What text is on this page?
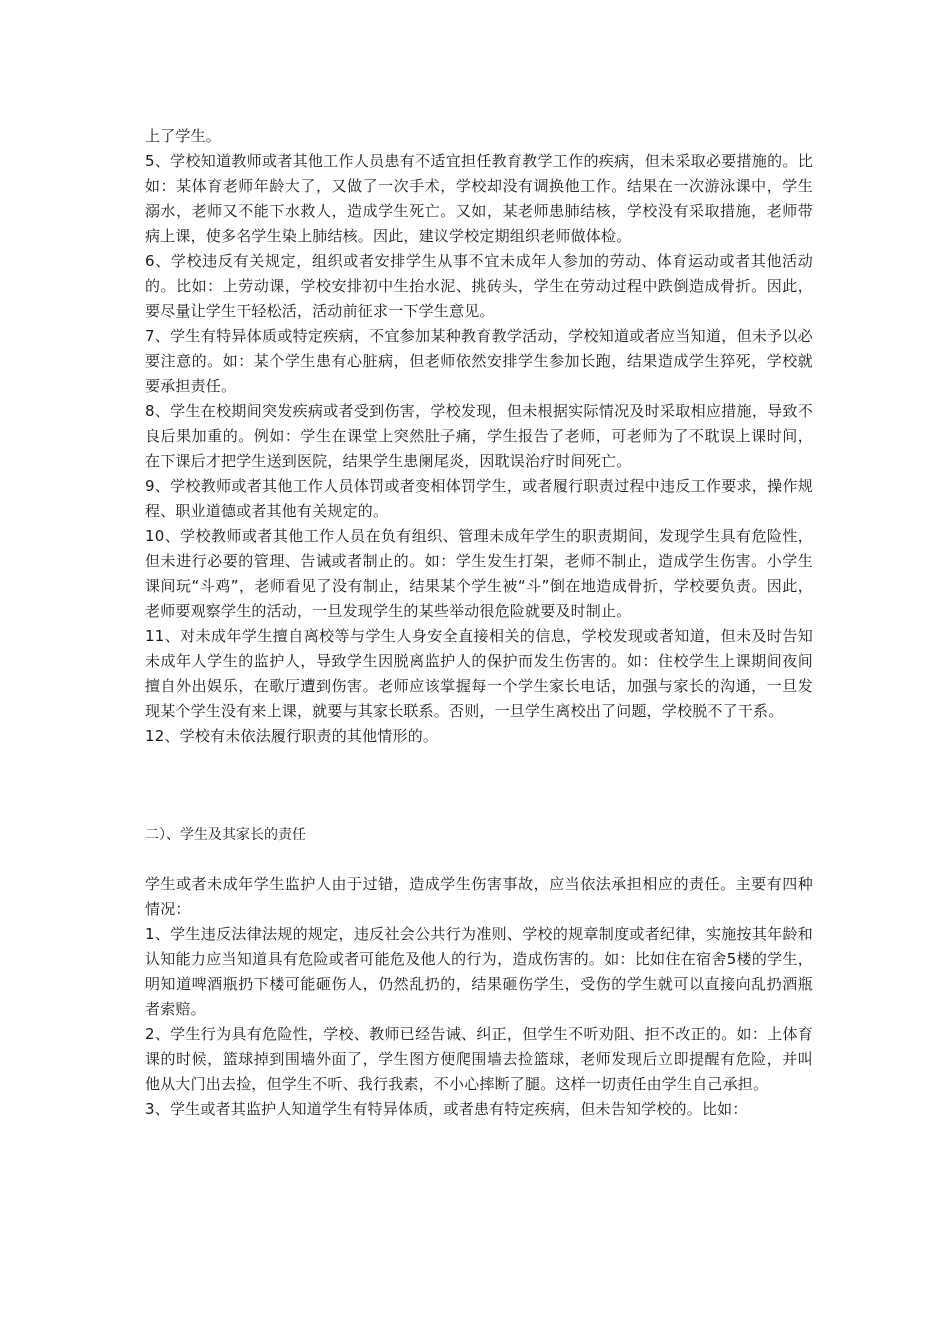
上了学生。

5、学校知道教师或者其他工作人员患有不适宜担任教育教学工作的疾病，但未采取必要措施的。比如：某体育老师年龄大了，又做了一次手术，学校却没有调换他工作。结果在一次游泳课中，学生溺水，老师又不能下水救人，造成学生死亡。又如，某老师患肺结核，学校没有采取措施，老师带病上课，使多名学生染上肺结核。因此，建议学校定期组织老师做体检。

6、学校违反有关规定，组织或者安排学生从事不宜未成年人参加的劳动、体育运动或者其他活动的。比如：上劳动课，学校安排初中生抬水泥、挑砖头，学生在劳动过程中跌倒造成骨折。因此，要尽量让学生干轻松活，活动前征求一下学生意见。

7、学生有特异体质或特定疾病，不宜参加某种教育教学活动，学校知道或者应当知道，但未予以必要注意的。如：某个学生患有心脏病，但老师依然安排学生参加长跑，结果造成学生猝死，学校就要承担责任。

8、学生在校期间突发疾病或者受到伤害，学校发现，但未根据实际情况及时采取相应措施，导致不良后果加重的。例如：学生在课堂上突然肚子痛，学生报告了老师，可老师为了不耽误上课时间，在下课后才把学生送到医院，结果学生患阑尾炎，因耽误治疗时间死亡。

9、学校教师或者其他工作人员体罚或者变相体罚学生，或者履行职责过程中违反工作要求，操作规程、职业道德或者其他有关规定的。

10、学校教师或者其他工作人员在负有组织、管理未成年学生的职责期间，发现学生具有危险性，但未进行必要的管理、告诫或者制止的。如：学生发生打架，老师不制止，造成学生伤害。小学生课间玩“斗鸡”，老师看见了没有制止，结果某个学生被“斗”倒在地造成骨折，学校要负责。因此，老师要观察学生的活动，一旦发现学生的某些举动很危险就要及时制止。

11、对未成年学生擅自离校等与学生人身安全直接相关的信息，学校发现或者知道，但未及时告知未成年人学生的监护人，导致学生因脱离监护人的保护而发生伤害的。如：住校学生上课期间夜间擅自外出娱乐，在歌厅遭到伤害。老师应该掌握每一个学生家长电话，加强与家长的沟通，一旦发现某个学生没有来上课，就要与其家长联系。否则，一旦学生离校出了问题，学校脱不了干系。

12、学校有未依法履行职责的其他情形的。

二）、学生及其家长的责任

学生或者未成年学生监护人由于过错，造成学生伤害事故，应当依法承担相应的责任。主要有四种情况：

1、学生违反法律法规的规定，违反社会公共行为准则、学校的规章制度或者纪律，实施按其年龄和认知能力应当知道具有危险或者可能危及他人的行为，造成伤害的。如：比如住在宿舍5楼的学生，明知道啤酒瓶扔下楼可能砸伤人，仍然乱扔的，结果砸伤学生，受伤的学生就可以直接向乱扔酒瓶者索赔。

2、学生行为具有危险性，学校、教师已经告诫、纠正，但学生不听劝阻、拒不改正的。如：上体育课的时候，篮球掉到围墙外面了，学生图方便爬围墙去捡篮球，老师发现后立即提醒有危险，并叫他从大门出去捡，但学生不听、我行我素，不小心摔断了腿。这样一切责任由学生自己承担。

3、学生或者其监护人知道学生有特异体质，或者患有特定疾病，但未告知学校的。比如：
